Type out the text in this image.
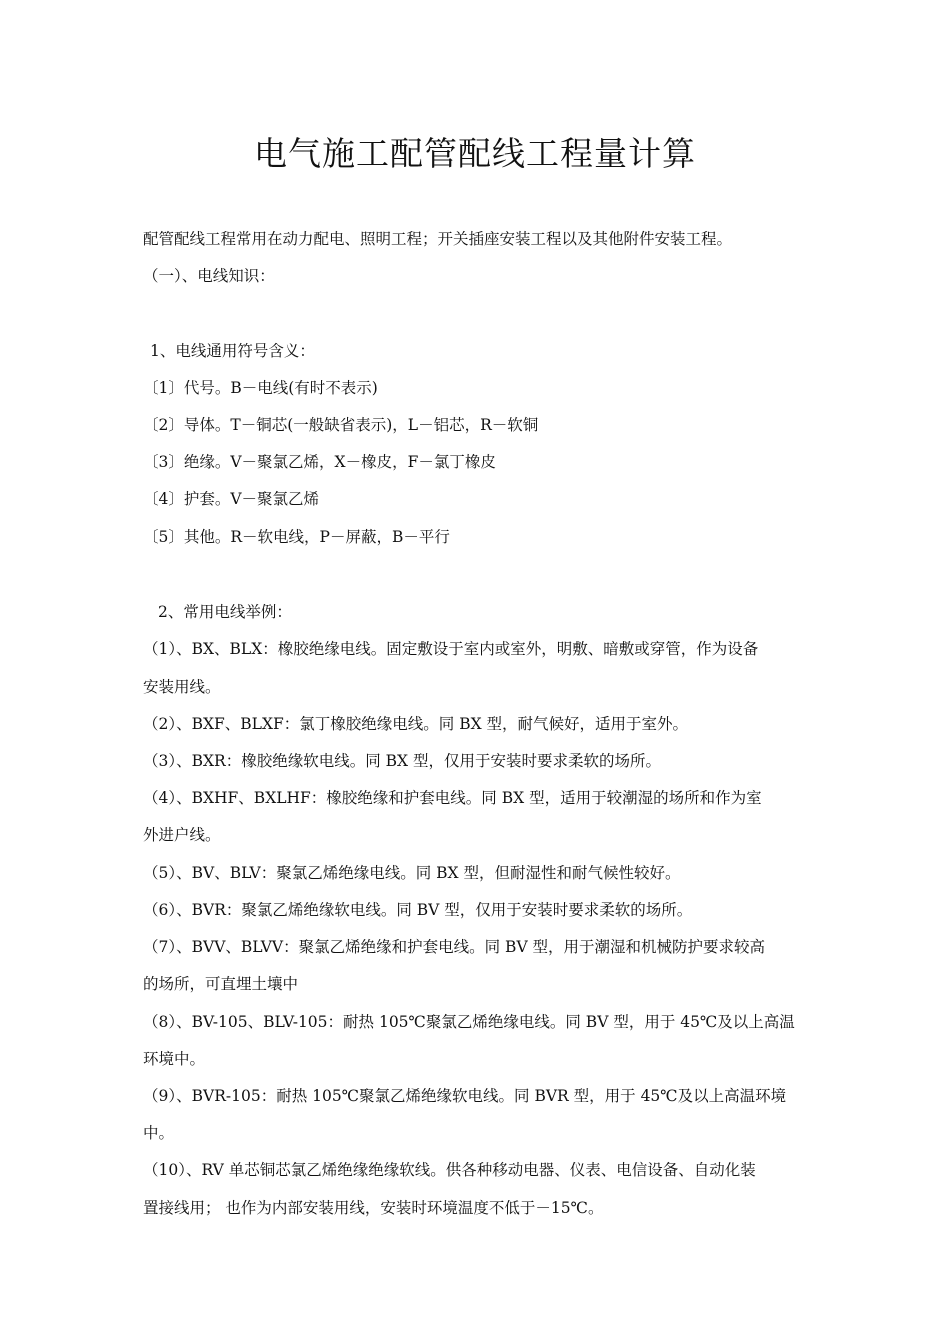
电气施工配管配线工程量计算
配管配线工程常用在动力配电、照明工程；开关插座安装工程以及其他附件安装工程。
（一）、电线知识：
1、电线通用符号含义：
〔1〕代号。B－电线(有时不表示)
〔2〕导体。T－铜芯(一般缺省表示)，L－铝芯，R－软铜
〔3〕绝缘。V－聚氯乙烯，X－橡皮，F－氯丁橡皮
〔4〕护套。V－聚氯乙烯
〔5〕其他。R－软电线，P－屏蔽，B－平行
2、常用电线举例：
（1）、BX、BLX：橡胶绝缘电线。固定敷设于室内或室外，明敷、暗敷或穿管，作为设备
安装用线。
（2）、BXF、BLXF：氯丁橡胶绝缘电线。同 BX 型，耐气候好，适用于室外。
（3）、BXR：橡胶绝缘软电线。同 BX 型，仅用于安装时要求柔软的场所。
（4）、BXHF、BXLHF：橡胶绝缘和护套电线。同 BX 型，适用于较潮湿的场所和作为室
外进户线。
（5）、BV、BLV：聚氯乙烯绝缘电线。同 BX 型，但耐湿性和耐气候性较好。
（6）、BVR：聚氯乙烯绝缘软电线。同 BV 型，仅用于安装时要求柔软的场所。
（7）、BVV、BLVV：聚氯乙烯绝缘和护套电线。同 BV 型，用于潮湿和机械防护要求较高
的场所，可直埋土壤中
（8）、BV-105、BLV-105：耐热 105℃聚氯乙烯绝缘电线。同 BV 型，用于 45℃及以上高温
环境中。
（9）、BVR-105：耐热 105℃聚氯乙烯绝缘软电线。同 BVR 型，用于 45℃及以上高温环境
中。
（10）、RV 单芯铜芯氯乙烯绝缘绝缘软线。供各种移动电器、仪表、电信设备、自动化装
置接线用； 也作为内部安装用线，安装时环境温度不低于－15℃。
